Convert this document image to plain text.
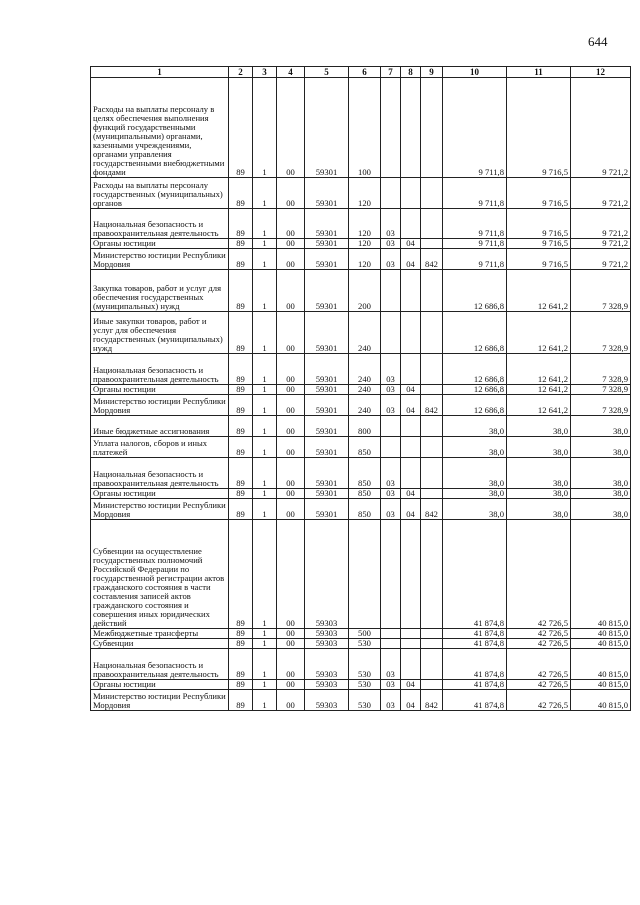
644
1	2	3	4	5	6	7	8	9	10	11	12
Расходы на выплаты персоналу в целях обеспечения выполнения функций государственными (муниципальными) органами, казенными учреждениями, органами управления государственными внебюджетными фондами	89	1	00	59301	100				9 711,8	9 716,5	9 721,2
Расходы на выплаты персоналу государственных (муниципальных) органов	89	1	00	59301	120				9 711,8	9 716,5	9 721,2
Национальная безопасность и правоохранительная деятельность	89	1	00	59301	120	03			9 711,8	9 716,5	9 721,2
Органы юстиции	89	1	00	59301	120	03	04		9 711,8	9 716,5	9 721,2
Министерство юстиции Республики Мордовия	89	1	00	59301	120	03	04	842	9 711,8	9 716,5	9 721,2
Закупка товаров, работ и услуг для обеспечения государственных (муниципальных) нужд	89	1	00	59301	200				12 686,8	12 641,2	7 328,9
Иные закупки товаров, работ и услуг для обеспечения государственных (муниципальных) нужд	89	1	00	59301	240				12 686,8	12 641,2	7 328,9
Национальная безопасность и правоохранительная деятельность	89	1	00	59301	240	03			12 686,8	12 641,2	7 328,9
Органы юстиции	89	1	00	59301	240	03	04		12 686,8	12 641,2	7 328,9
Министерство юстиции Республики Мордовия	89	1	00	59301	240	03	04	842	12 686,8	12 641,2	7 328,9
Иные бюджетные ассигнования	89	1	00	59301	800				38,0	38,0	38,0
Уплата налогов, сборов и иных платежей	89	1	00	59301	850				38,0	38,0	38,0
Национальная безопасность и правоохранительная деятельность	89	1	00	59301	850	03			38,0	38,0	38,0
Органы юстиции	89	1	00	59301	850	03	04		38,0	38,0	38,0
Министерство юстиции Республики Мордовия	89	1	00	59301	850	03	04	842	38,0	38,0	38,0
Субвенции на осуществление государственных полномочий Российской Федерации по государственной регистрации актов гражданского состояния в части составления записей актов гражданского состояния и совершения иных юридических действий	89	1	00	59303					41 874,8	42 726,5	40 815,0
Межбюджетные трансферты	89	1	00	59303	500				41 874,8	42 726,5	40 815,0
Субвенции	89	1	00	59303	530				41 874,8	42 726,5	40 815,0
Национальная безопасность и правоохранительная деятельность	89	1	00	59303	530	03			41 874,8	42 726,5	40 815,0
Органы юстиции	89	1	00	59303	530	03	04		41 874,8	42 726,5	40 815,0
Министерство юстиции Республики Мордовия	89	1	00	59303	530	03	04	842	41 874,8	42 726,5	40 815,0
